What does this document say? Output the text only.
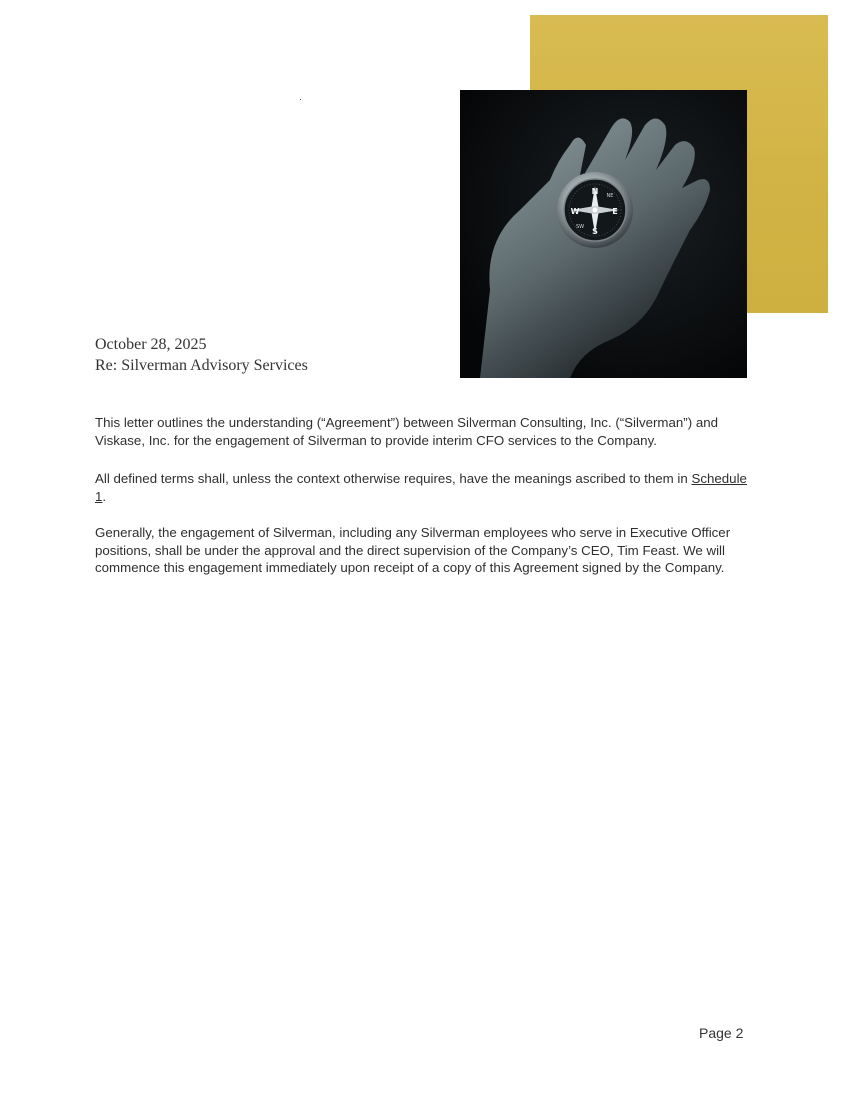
N
E
S
W
NE
SW
October 28, 2025
Re: Silverman Advisory Services
This letter outlines the understanding (“Agreement”) between Silverman Consulting, Inc. (“Silverman”) and Viskase, Inc. for the engagement of Silverman to provide interim CFO services to the Company.
All defined terms shall, unless the context otherwise requires, have the meanings ascribed to them in Schedule 1.
Generally, the engagement of Silverman, including any Silverman employees who serve in Executive Officer positions, shall be under the approval and the direct supervision of the Company’s CEO, Tim Feast. We will commence this engagement immediately upon receipt of a copy of this Agreement signed by the Company.
Page 2
